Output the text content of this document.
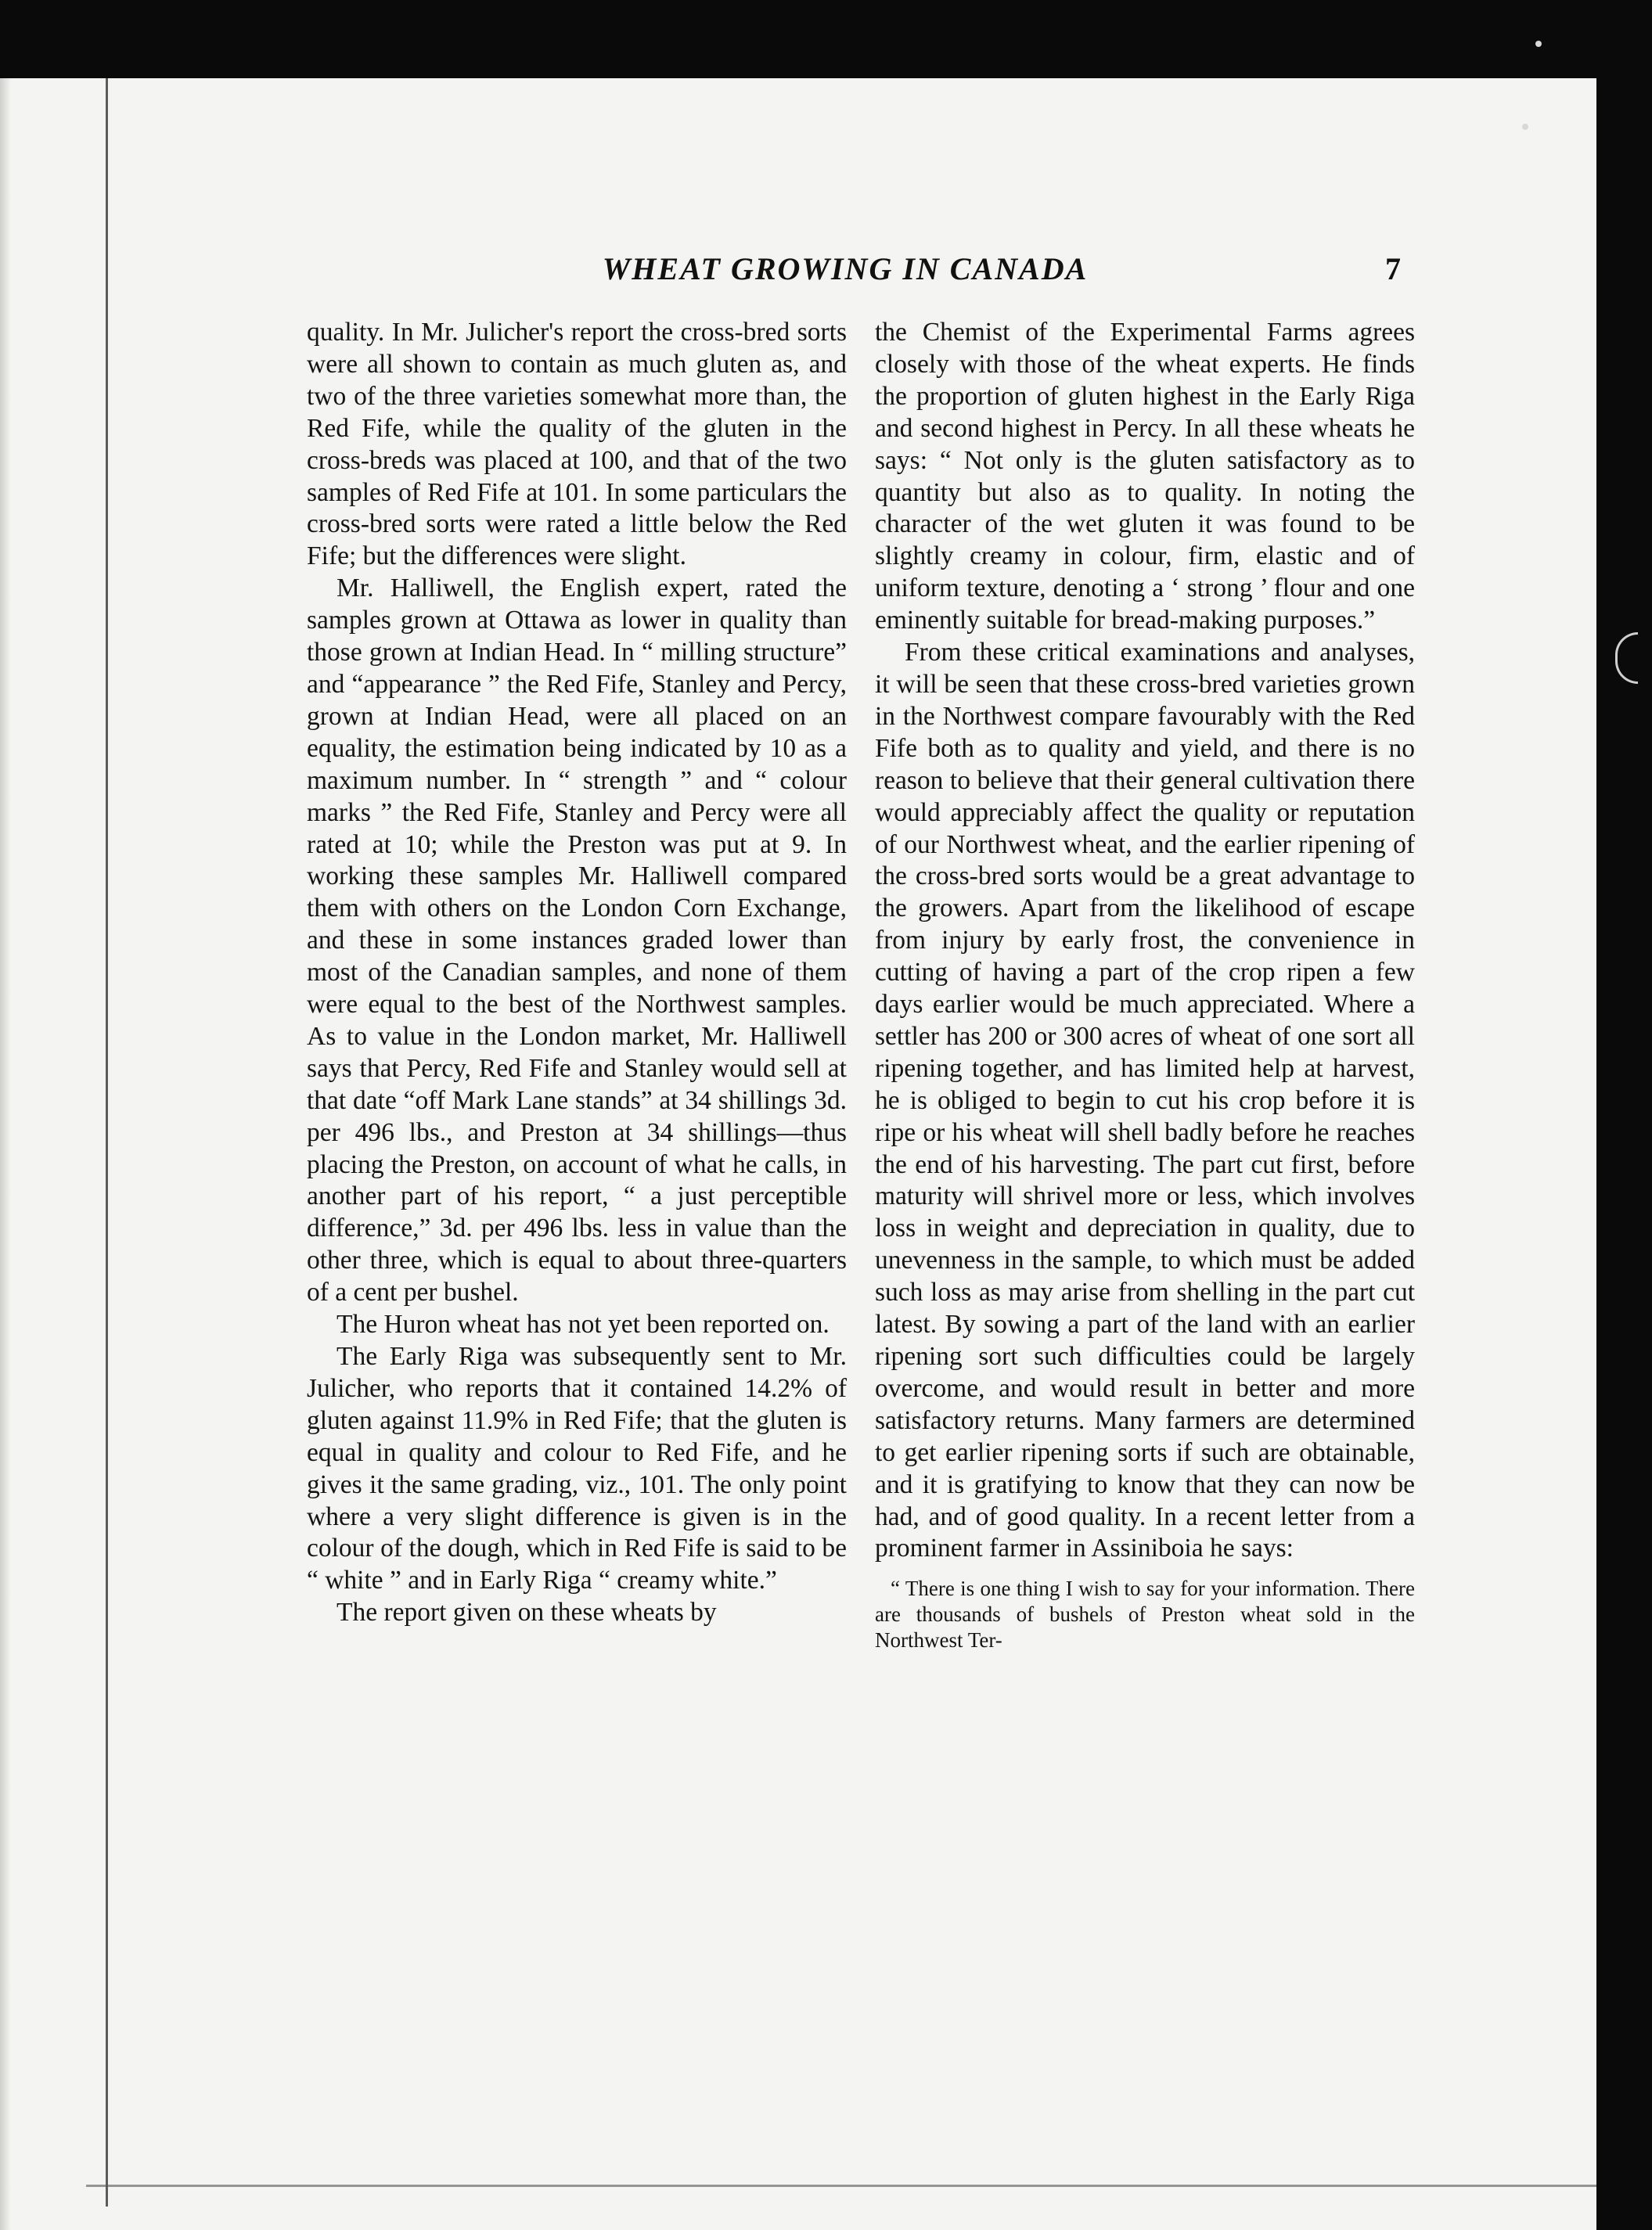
WHEAT GROWING IN CANADA	7

quality. In Mr. Julicher's report the cross-bred sorts were all shown to contain as much gluten as, and two of the three varieties somewhat more than, the Red Fife, while the quality of the gluten in the cross-breds was placed at 100, and that of the two samples of Red Fife at 101. In some particulars the cross-bred sorts were rated a little below the Red Fife; but the differences were slight.

Mr. Halliwell, the English expert, rated the samples grown at Ottawa as lower in quality than those grown at Indian Head. In “ milling structure” and “appearance ” the Red Fife, Stanley and Percy, grown at Indian Head, were all placed on an equality, the estimation being indicated by 10 as a maximum number. In “ strength ” and “ colour marks ” the Red Fife, Stanley and Percy were all rated at 10; while the Preston was put at 9. In working these samples Mr. Halliwell compared them with others on the London Corn Exchange, and these in some instances graded lower than most of the Canadian samples, and none of them were equal to the best of the Northwest samples. As to value in the London market, Mr. Halliwell says that Percy, Red Fife and Stanley would sell at that date “off Mark Lane stands” at 34 shillings 3d. per 496 lbs., and Preston at 34 shillings—thus placing the Preston, on account of what he calls, in another part of his report, “ a just perceptible difference,” 3d. per 496 lbs. less in value than the other three, which is equal to about three-quarters of a cent per bushel.

The Huron wheat has not yet been reported on.

The Early Riga was subsequently sent to Mr. Julicher, who reports that it contained 14.2% of gluten against 11.9% in Red Fife; that the gluten is equal in quality and colour to Red Fife, and he gives it the same grading, viz., 101. The only point where a very slight difference is given is in the colour of the dough, which in Red Fife is said to be “ white ” and in Early Riga “ creamy white.”

The report given on these wheats by

the Chemist of the Experimental Farms agrees closely with those of the wheat experts. He finds the proportion of gluten highest in the Early Riga and second highest in Percy. In all these wheats he says: “ Not only is the gluten satisfactory as to quantity but also as to quality. In noting the character of the wet gluten it was found to be slightly creamy in colour, firm, elastic and of uniform texture, denoting a ‘ strong ’ flour and one eminently suitable for bread-making purposes.”

From these critical examinations and analyses, it will be seen that these cross-bred varieties grown in the Northwest compare favourably with the Red Fife both as to quality and yield, and there is no reason to believe that their general cultivation there would appreciably affect the quality or reputation of our Northwest wheat, and the earlier ripening of the cross-bred sorts would be a great advantage to the growers. Apart from the likelihood of escape from injury by early frost, the convenience in cutting of having a part of the crop ripen a few days earlier would be much appreciated. Where a settler has 200 or 300 acres of wheat of one sort all ripening together, and has limited help at harvest, he is obliged to begin to cut his crop before it is ripe or his wheat will shell badly before he reaches the end of his harvesting. The part cut first, before maturity will shrivel more or less, which involves loss in weight and depreciation in quality, due to unevenness in the sample, to which must be added such loss as may arise from shelling in the part cut latest. By sowing a part of the land with an earlier ripening sort such difficulties could be largely overcome, and would result in better and more satisfactory returns. Many farmers are determined to get earlier ripening sorts if such are obtainable, and it is gratifying to know that they can now be had, and of good quality. In a recent letter from a prominent farmer in Assiniboia he says:

“ There is one thing I wish to say for your information. There are thousands of bushels of Preston wheat sold in the Northwest Ter-
